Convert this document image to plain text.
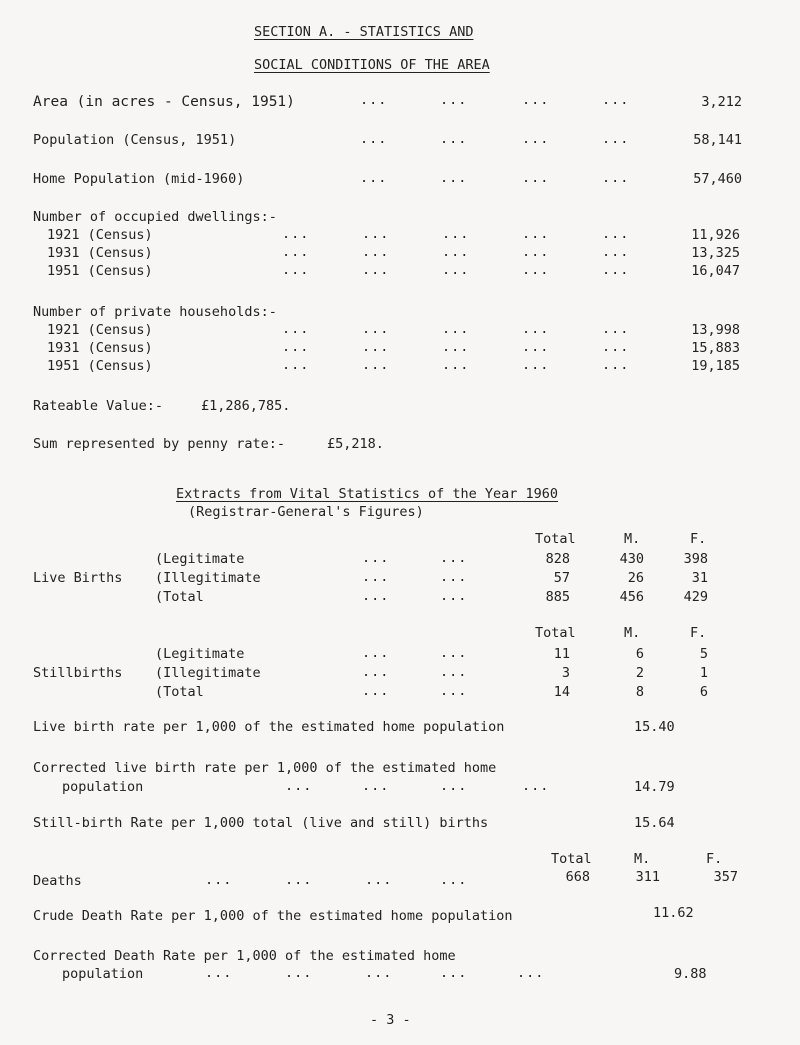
SECTION A. - STATISTICS AND
SOCIAL CONDITIONS OF THE AREA
Area (in acres - Census, 1951)	...	...	...	...	3,212
Population (Census, 1951)	...	...	...	...	58,141
Home Population (mid-1960)	...	...	...	...	57,460
Number of occupied dwellings:-
1921 (Census)	...	...	...	...	...	11,926
1931 (Census)	...	...	...	...	...	13,325
1951 (Census)	...	...	...	...	...	16,047
Number of private households:-
1921 (Census)	...	...	...	...	...	13,998
1931 (Census)	...	...	...	...	...	15,883
1951 (Census)	...	...	...	...	...	19,185
Rateable Value:-	£1,286,785.
Sum represented by penny rate:-	£5,218.
Extracts from Vital Statistics of the Year 1960
(Registrar-General's Figures)
Total	M.	F.
(Legitimate	...	...	828	430	398
Live Births (Illegitimate	...	...	57	26	31
(Total	...	...	885	456	429
Total	M.	F.
(Legitimate	...	...	11	6	5
Stillbirths (Illegitimate	...	...	3	2	1
(Total	...	...	14	8	6
Live birth rate per 1,000 of the estimated home population	15.40
Corrected live birth rate per 1,000 of the estimated home
population	...	...	...	...	14.79
Still-birth Rate per 1,000 total (live and still) births	15.64
Total	M.	F.
Deaths	...	...	...	...	668	311	357
Crude Death Rate per 1,000 of the estimated home population	11.62
Corrected Death Rate per 1,000 of the estimated home
population	...	...	...	...	...	9.88
- 3 -
